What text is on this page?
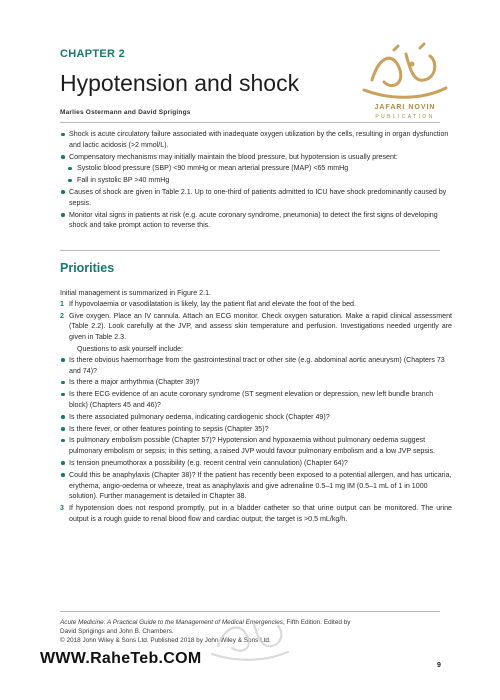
CHAPTER 2
Hypotension and shock
Marlies Ostermann and David Sprigings
JAFARI NOVIN
PUBLICATION
Shock is acute circulatory failure associated with inadequate oxygen utilization by the cells, resulting in organ dysfunction and lactic acidosis (>2 mmol/L).
Compensatory mechanisms may initially maintain the blood pressure, but hypotension is usually present:
Systolic blood pressure (SBP) <90 mmHg or mean arterial pressure (MAP) <65 mmHg
Fall in systolic BP >40 mmHg
Causes of shock are given in Table 2.1. Up to one-third of patients admitted to ICU have shock predominantly caused by sepsis.
Monitor vital signs in patients at risk (e.g. acute coronary syndrome, pneumonia) to detect the first signs of developing shock and take prompt action to reverse this.
Priorities
Initial management is summarized in Figure 2.1.
1 If hypovolaemia or vasodilatation is likely, lay the patient flat and elevate the foot of the bed.
2 Give oxygen. Place an IV cannula. Attach an ECG monitor. Check oxygen saturation. Make a rapid clinical assessment (Table 2.2). Look carefully at the JVP, and assess skin temperature and perfusion. Investigations needed urgently are given in Table 2.3.
Questions to ask yourself include:
Is there obvious haemorrhage from the gastrointestinal tract or other site (e.g. abdominal aortic aneurysm) (Chapters 73 and 74)?
Is there a major arrhythmia (Chapter 39)?
Is there ECG evidence of an acute coronary syndrome (ST segment elevation or depression, new left bundle branch block) (Chapters 45 and 46)?
Is there associated pulmonary oedema, indicating cardiogenic shock (Chapter 49)?
Is there fever, or other features pointing to sepsis (Chapter 35)?
Is pulmonary embolism possible (Chapter 57)? Hypotension and hypoxaemia without pulmonary oedema suggest pulmonary embolism or sepsis; in this setting, a raised JVP would favour pulmonary embolism and a low JVP sepsis.
Is tension pneumothorax a possibility (e.g. recent central vein cannulation) (Chapter 64)?
Could this be anaphylaxis (Chapter 38)? If the patient has recently been exposed to a potential allergen, and has urticaria, erythema, angio-oedema or wheeze, treat as anaphylaxis and give adrenaline 0.5–1 mg IM (0.5–1 mL of 1 in 1000 solution). Further management is detailed in Chapter 38.
3 If hypotension does not respond promptly, put in a bladder catheter so that urine output can be monitored. The urine output is a rough guide to renal blood flow and cardiac output; the target is >0.5 mL/kg/h.
Acute Medicine: A Practical Guide to the Management of Medical Emergencies, Fifth Edition. Edited by
David Sprigings and John B. Chambers.
© 2018 John Wiley & Sons Ltd. Published 2018 by John Wiley & Sons Ltd.
WWW.RaheTeb.COM	9
